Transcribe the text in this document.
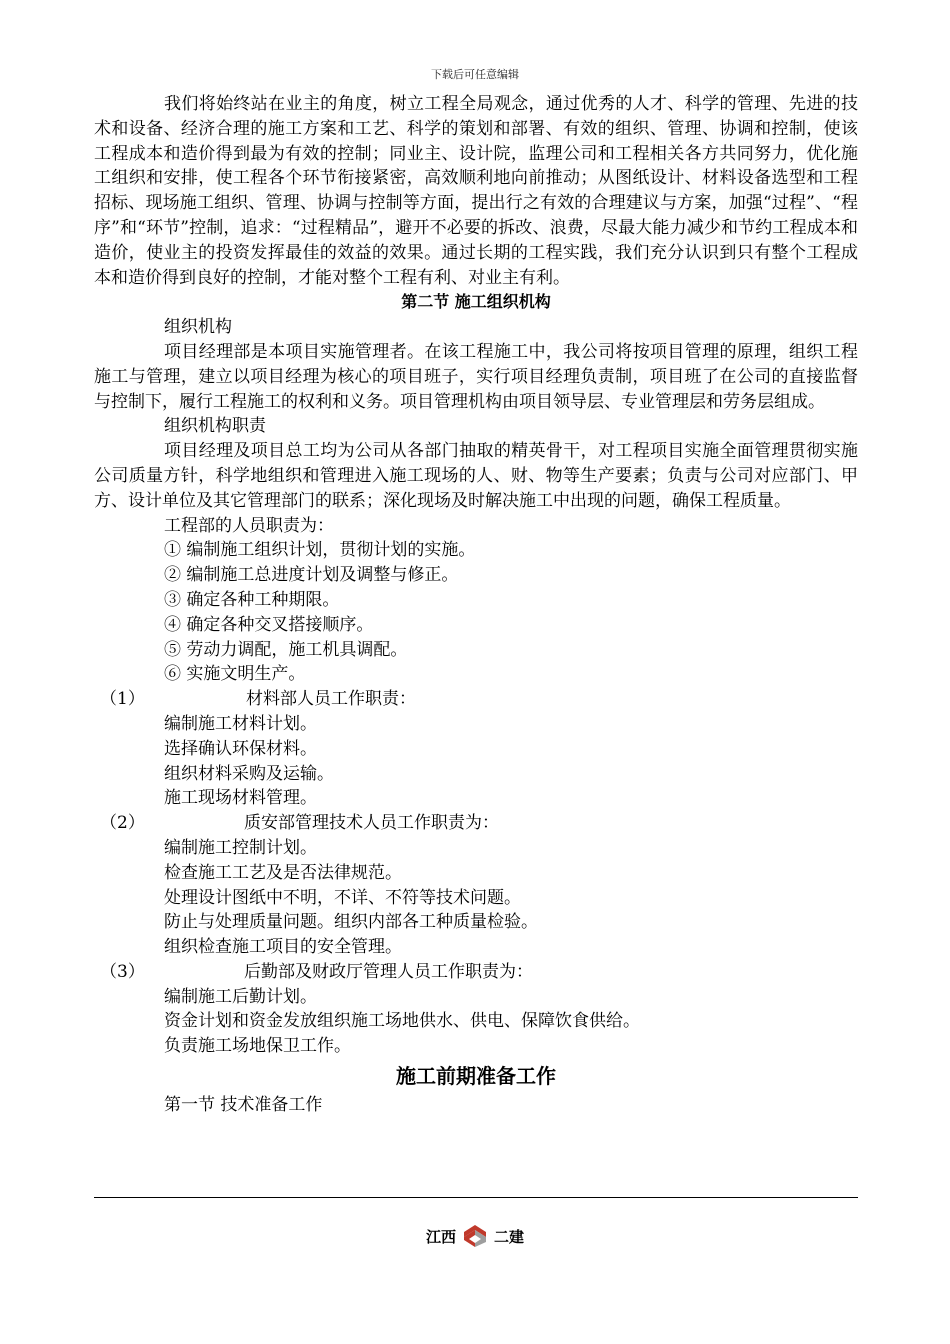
下载后可任意编辑

我们将始终站在业主的角度，树立工程全局观念，通过优秀的人才、科学的管理、先进的技术和设备、经济合理的施工方案和工艺、科学的策划和部署、有效的组织、管理、协调和控制，使该工程成本和造价得到最为有效的控制；同业主、设计院，监理公司和工程相关各方共同努力，优化施工组织和安排，使工程各个环节衔接紧密，高效顺利地向前推动；从图纸设计、材料设备选型和工程招标、现场施工组织、管理、协调与控制等方面，提出行之有效的合理建议与方案，加强“过程”、“程序”和“环节”控制，追求：“过程精品”，避开不必要的拆改、浪费，尽最大能力减少和节约工程成本和造价，使业主的投资发挥最佳的效益的效果。通过长期的工程实践，我们充分认识到只有整个工程成本和造价得到良好的控制，才能对整个工程有利、对业主有利。

第二节 施工组织机构
组织机构

项目经理部是本项目实施管理者。在该工程施工中，我公司将按项目管理的原理，组织工程施工与管理，建立以项目经理为核心的项目班子，实行项目经理负责制，项目班了在公司的直接监督与控制下，履行工程施工的权利和义务。项目管理机构由项目领导层、专业管理层和劳务层组成。

组织机构职责

项目经理及项目总工均为公司从各部门抽取的精英骨干，对工程项目实施全面管理贯彻实施公司质量方针，科学地组织和管理进入施工现场的人、财、物等生产要素；负责与公司对应部门、甲方、设计单位及其它管理部门的联系；深化现场及时解决施工中出现的问题，确保工程质量。

工程部的人员职责为：
① 编制施工组织计划，贯彻计划的实施。
② 编制施工总进度计划及调整与修正。
③ 确定各种工种期限。
④ 确定各种交叉搭接顺序。
⑤ 劳动力调配，施工机具调配。
⑥ 实施文明生产。
（1）	材料部人员工作职责：
编制施工材料计划。
选择确认环保材料。
组织材料采购及运输。
施工现场材料管理。
（2）	质安部管理技术人员工作职责为：
编制施工控制计划。
检查施工工艺及是否法律规范。
处理设计图纸中不明，不详、不符等技术问题。
防止与处理质量问题。组织内部各工种质量检验。
组织检查施工项目的安全管理。
（3）	后勤部及财政厅管理人员工作职责为：
编制施工后勤计划。
资金计划和资金发放组织施工场地供水、供电、保障饮食供给。
负责施工场地保卫工作。
施工前期准备工作
第一节 技术准备工作
江西	二建
